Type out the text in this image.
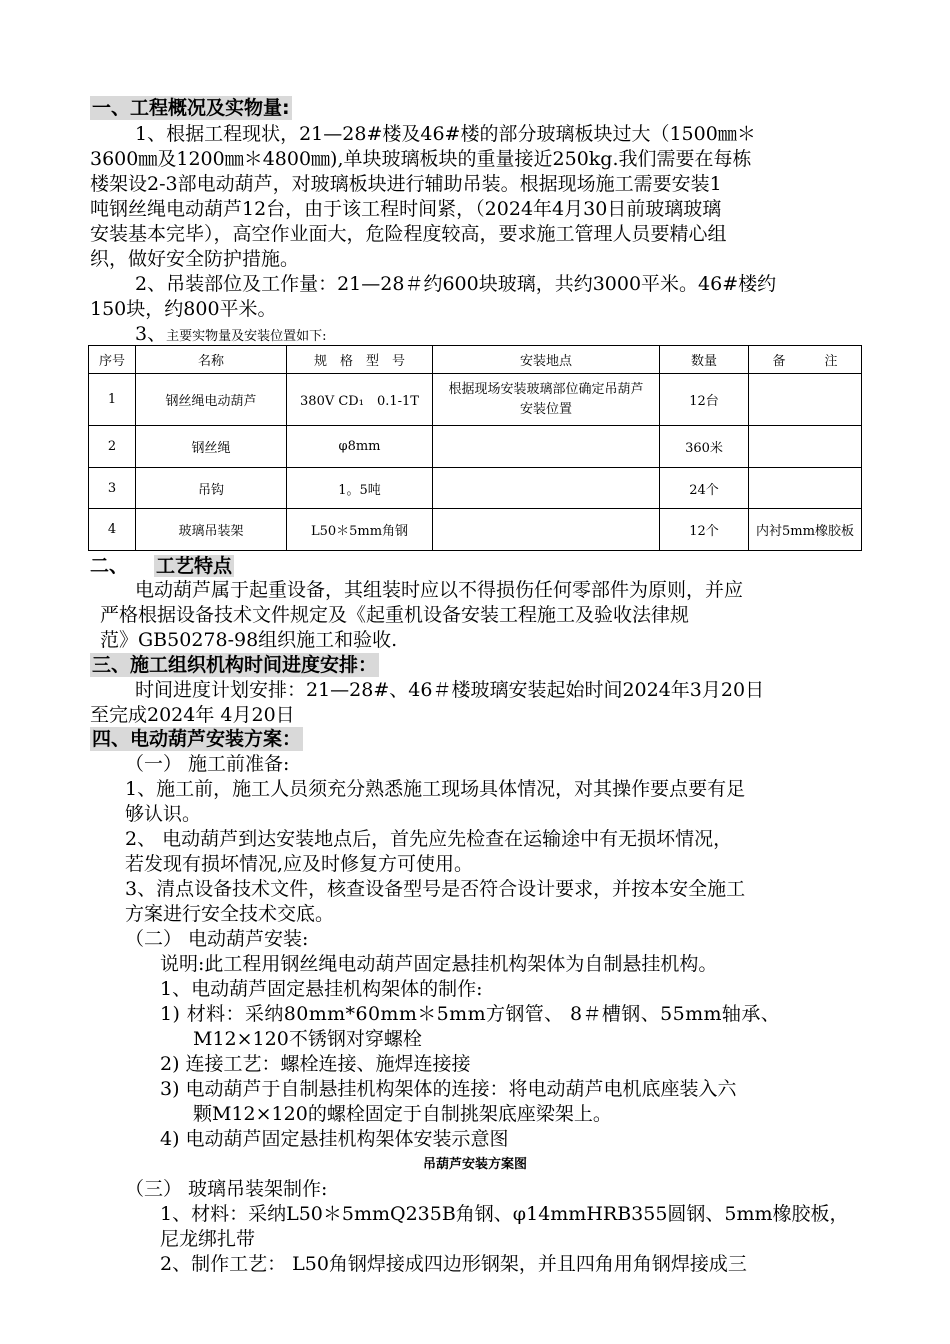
一、工程概况及实物量:
1、根据工程现状，21—28#楼及46#楼的部分玻璃板块过大（1500㎜＊
3600㎜及1200㎜＊4800㎜),单块玻璃板块的重量接近250kg.我们需要在每栋
楼架设2-3部电动葫芦，对玻璃板块进行辅助吊装。根据现场施工需要安装1
吨钢丝绳电动葫芦12台，由于该工程时间紧，（2024年4月30日前玻璃玻璃
安装基本完毕），高空作业面大，危险程度较高，要求施工管理人员要精心组
织，做好安全防护措施。
2、吊装部位及工作量：21—28＃约600块玻璃，共约3000平米。46#楼约
150块，约800平米。
3、主要实物量及安装位置如下:
序号	名称	规　格　型　号	安装地点	数量	备　　　注
1	钢丝绳电动葫芦	380V CD₁　0.1-1T	根据现场安装玻璃部位确定吊葫芦
安装位置	12台	
2	钢丝绳	φ8mm		360米	
3	吊钩	1。5吨		24个	
4	玻璃吊装架	L50＊5mm角钢		12个	内衬5mm橡胶板
二、 工艺特点
电动葫芦属于起重设备，其组装时应以不得损伤任何零部件为原则，并应
严格根据设备技术文件规定及《起重机设备安装工程施工及验收法律规
范》GB50278-98组织施工和验收.
三、施工组织机构时间进度安排：
时间进度计划安排：21—28#、46＃楼玻璃安装起始时间2024年3月20日
至完成2024年 4月20日
四、电动葫芦安装方案：
（一） 施工前准备:
1、施工前，施工人员须充分熟悉施工现场具体情况，对其操作要点要有足
够认识。
2、 电动葫芦到达安装地点后，首先应先检查在运输途中有无损坏情况，
若发现有损坏情况,应及时修复方可使用。
3、清点设备技术文件，核查设备型号是否符合设计要求，并按本安全施工
方案进行安全技术交底。
（二） 电动葫芦安装:
说明:此工程用钢丝绳电动葫芦固定悬挂机构架体为自制悬挂机构。
1、电动葫芦固定悬挂机构架体的制作:
1) 材料：采纳80mm*60mm＊5mm方钢管、 8＃槽钢、55mm轴承、
M12×120不锈钢对穿螺栓
2) 连接工艺：螺栓连接、施焊连接接
3) 电动葫芦于自制悬挂机构架体的连接：将电动葫芦电机底座装入六
颗M12×120的螺栓固定于自制挑架底座梁架上。
4) 电动葫芦固定悬挂机构架体安装示意图
吊葫芦安装方案图
（三） 玻璃吊装架制作:
1、材料：采纳L50＊5mmQ235B角钢、φ14mmHRB355圆钢、5mm橡胶板，
尼龙绑扎带
2、制作工艺： L50角钢焊接成四边形钢架，并且四角用角钢焊接成三
